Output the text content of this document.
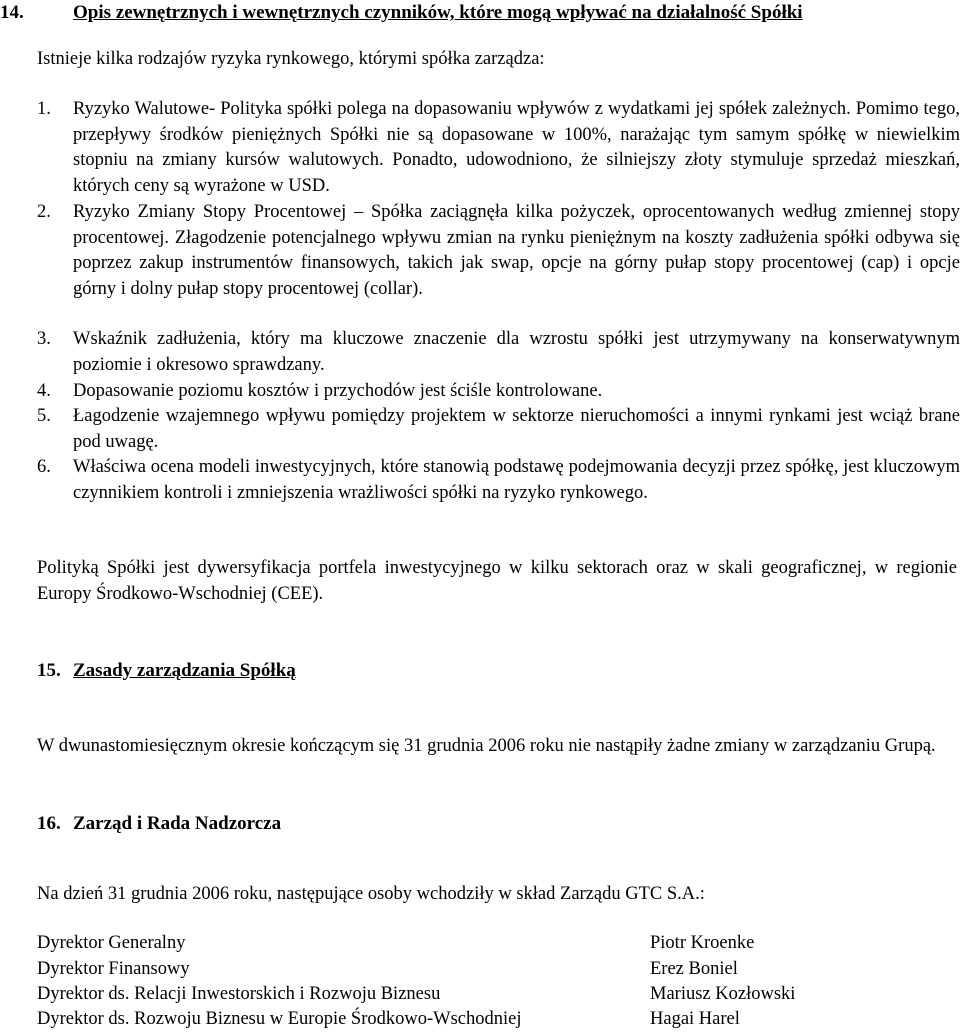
14.	Opis zewnętrznych i wewnętrznych czynników, które mogą wpływać na działalność Spółki
Istnieje kilka rodzajów ryzyka rynkowego, którymi spółka zarządza:
1. Ryzyko Walutowe- Polityka spółki polega na dopasowaniu wpływów z wydatkami jej spółek zależnych. Pomimo tego, przepływy środków pieniężnych Spółki nie są dopasowane w 100%, narażając tym samym spółkę w niewielkim stopniu na zmiany kursów walutowych. Ponadto, udowodniono, że silniejszy złoty stymuluje sprzedaż mieszkań, których ceny są wyrażone w USD.
2. Ryzyko Zmiany Stopy Procentowej – Spółka zaciągnęła kilka pożyczek, oprocentowanych według zmiennej stopy procentowej. Złagodzenie potencjalnego wpływu zmian na rynku pieniężnym na koszty zadłużenia spółki odbywa się poprzez zakup instrumentów finansowych, takich jak swap, opcje na górny pułap stopy procentowej (cap) i opcje górny i dolny pułap stopy procentowej (collar).
3. Wskaźnik zadłużenia, który ma kluczowe znaczenie dla wzrostu spółki jest utrzymywany na konserwatywnym poziomie i okresowo sprawdzany.
4. Dopasowanie poziomu kosztów i przychodów jest ściśle kontrolowane.
5. Łagodzenie wzajemnego wpływu pomiędzy projektem w sektorze nieruchomości a innymi rynkami jest wciąż brane pod uwagę.
6. Właściwa ocena modeli inwestycyjnych, które stanowią podstawę podejmowania decyzji przez spółkę, jest kluczowym czynnikiem kontroli i zmniejszenia wrażliwości spółki na ryzyko rynkowego.
Polityką Spółki jest dywersyfikacja portfela inwestycyjnego w kilku sektorach oraz w skali geograficznej, w regionie Europy Środkowo-Wschodniej (CEE).
15. Zasady zarządzania Spółką
W dwunastomiesięcznym okresie kończącym się 31 grudnia 2006 roku nie nastąpiły żadne zmiany w zarządzaniu Grupą.
16. Zarząd i Rada Nadzorcza
Na dzień 31 grudnia 2006 roku, następujące osoby wchodziły w skład Zarządu GTC S.A.:
Dyrektor Generalny	Piotr Kroenke
Dyrektor Finansowy	Erez Boniel
Dyrektor ds. Relacji Inwestorskich i Rozwoju Biznesu	Mariusz Kozłowski
Dyrektor ds. Rozwoju Biznesu w Europie Środkowo-Wschodniej	Hagai Harel
